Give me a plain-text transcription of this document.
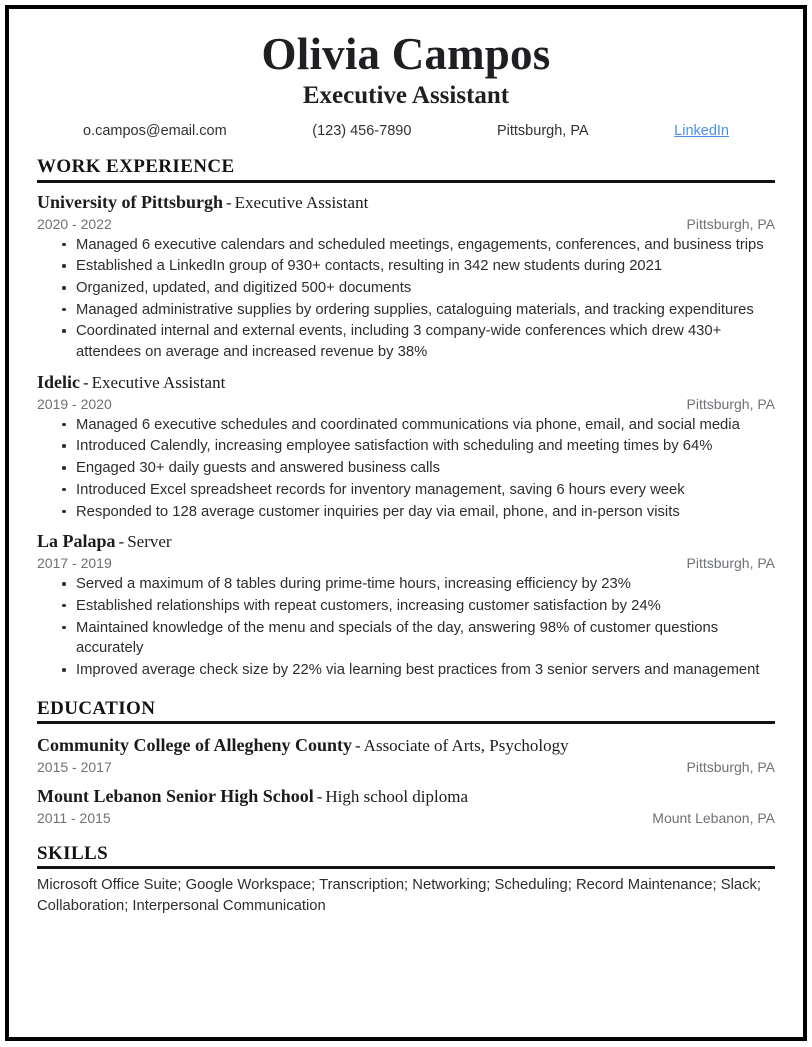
Olivia Campos
Executive Assistant
o.campos@email.com	(123) 456-7890	Pittsburgh, PA	LinkedIn
WORK EXPERIENCE
University of Pittsburgh - Executive Assistant
2020 - 2022	Pittsburgh, PA
Managed 6 executive calendars and scheduled meetings, engagements, conferences, and business trips
Established a LinkedIn group of 930+ contacts, resulting in 342 new students during 2021
Organized, updated, and digitized 500+ documents
Managed administrative supplies by ordering supplies, cataloguing materials, and tracking expenditures
Coordinated internal and external events, including 3 company-wide conferences which drew 430+ attendees on average and increased revenue by 38%
Idelic - Executive Assistant
2019 - 2020	Pittsburgh, PA
Managed 6 executive schedules and coordinated communications via phone, email, and social media
Introduced Calendly, increasing employee satisfaction with scheduling and meeting times by 64%
Engaged 30+ daily guests and answered business calls
Introduced Excel spreadsheet records for inventory management, saving 6 hours every week
Responded to 128 average customer inquiries per day via email, phone, and in-person visits
La Palapa - Server
2017 - 2019	Pittsburgh, PA
Served a maximum of 8 tables during prime-time hours, increasing efficiency by 23%
Established relationships with repeat customers, increasing customer satisfaction by 24%
Maintained knowledge of the menu and specials of the day, answering 98% of customer questions accurately
Improved average check size by 22% via learning best practices from 3 senior servers and management
EDUCATION
Community College of Allegheny County - Associate of Arts, Psychology
2015 - 2017	Pittsburgh, PA
Mount Lebanon Senior High School - High school diploma
2011 - 2015	Mount Lebanon, PA
SKILLS
Microsoft Office Suite; Google Workspace; Transcription; Networking; Scheduling; Record Maintenance; Slack; Collaboration; Interpersonal Communication
